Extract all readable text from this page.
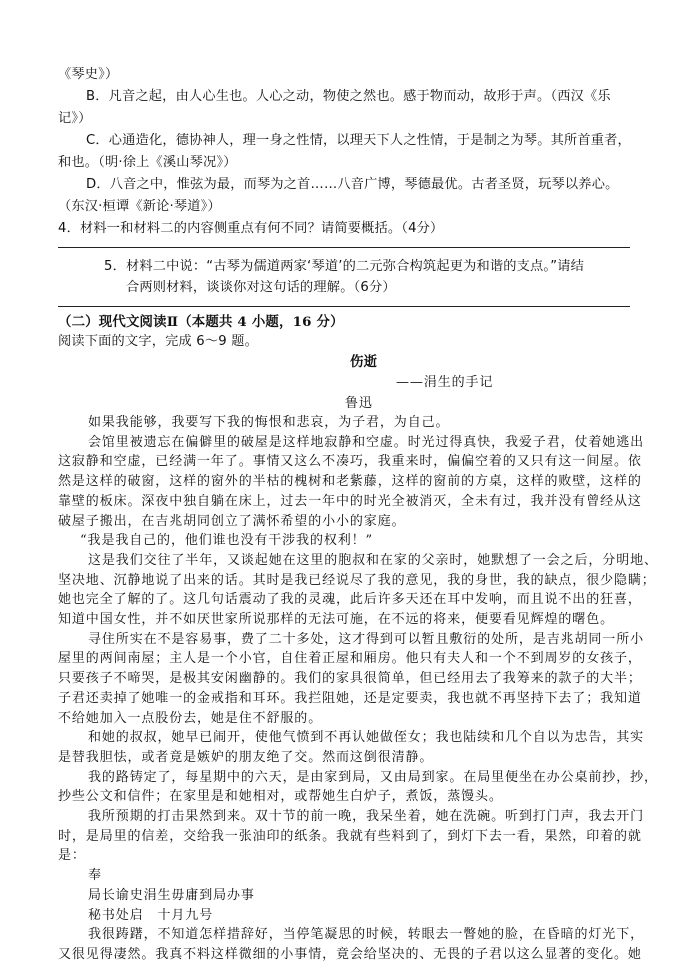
《琴史》）
B．凡音之起，由人心生也。人心之动，物使之然也。感于物而动，故形于声。（西汉《乐
记》）
C．心通造化，德协神人，理一身之性情，以理天下人之性情，于是制之为琴。其所首重者，
和也。（明·徐上《溪山琴况》）
D．八音之中，惟弦为最，而琴为之首……八音广博，琴德最优。古者圣贤，玩琴以养心。
（东汉·桓谭《新论·琴道》）
4．材料一和材料二的内容侧重点有何不同？请简要概括。（4分）
5．材料二中说：“古琴为儒道两家‘琴道’的二元弥合构筑起更为和谐的支点。”请结
合两则材料，谈谈你对这句话的理解。（6分）
（二）现代文阅读Ⅱ（本题共 4 小题，16 分）
阅读下面的文字，完成 6～9 题。
伤逝
——涓生的手记
鲁迅
如果我能够，我要写下我的悔恨和悲哀，为子君，为自己。
会馆里被遗忘在偏僻里的破屋是这样地寂静和空虚。时光过得真快，我爱子君，仗着她逃出
这寂静和空虚，已经满一年了。事情又这么不凑巧，我重来时，偏偏空着的又只有这一间屋。依
然是这样的破窗，这样的窗外的半枯的槐树和老紫藤，这样的窗前的方桌，这样的败壁，这样的
靠壁的板床。深夜中独自躺在床上，过去一年中的时光全被消灭，全未有过，我并没有曾经从这
破屋子搬出，在吉兆胡同创立了满怀希望的小小的家庭。
“我是我自己的，他们谁也没有干涉我的权利！”
这是我们交往了半年，又谈起她在这里的胞叔和在家的父亲时，她默想了一会之后，分明地、
坚决地、沉静地说了出来的话。其时是我已经说尽了我的意见，我的身世，我的缺点，很少隐瞒；
她也完全了解的了。这几句话震动了我的灵魂，此后许多天还在耳中发响，而且说不出的狂喜，
知道中国女性，并不如厌世家所说那样的无法可施，在不远的将来，便要看见辉煌的曙色。
寻住所实在不是容易事，费了二十多处，这才得到可以暂且敷衍的处所，是吉兆胡同一所小
屋里的两间南屋；主人是一个小官，自住着正屋和厢房。他只有夫人和一个不到周岁的女孩子，
只要孩子不啼哭，是极其安闲幽静的。我们的家具很简单，但已经用去了我筹来的款子的大半；
子君还卖掉了她唯一的金戒指和耳环。我拦阻她，还是定要卖，我也就不再坚持下去了；我知道
不给她加入一点股份去，她是住不舒服的。
和她的叔叔，她早已闹开，使他气愤到不再认她做侄女；我也陆续和几个自以为忠告，其实
是替我胆怯，或者竟是嫉妒的朋友绝了交。然而这倒很清静。
我的路铸定了，每星期中的六天，是由家到局，又由局到家。在局里便坐在办公桌前抄，抄，
抄些公文和信件；在家里是和她相对，或帮她生白炉子，煮饭，蒸馒头。
我所预期的打击果然到来。双十节的前一晚，我呆坐着，她在洗碗。听到打门声，我去开门
时，是局里的信差，交给我一张油印的纸条。我就有些料到了，到灯下去一看，果然，印着的就
是：
奉
局长谕史涓生毋庸到局办事
秘书处启　十月九号
我很踌躇，不知道怎样措辞好，当停笔凝思的时候，转眼去一瞥她的脸，在昏暗的灯光下，
又很见得凄然。我真不料这样微细的小事情，竟会给坚决的、无畏的子君以这么显著的变化。她
